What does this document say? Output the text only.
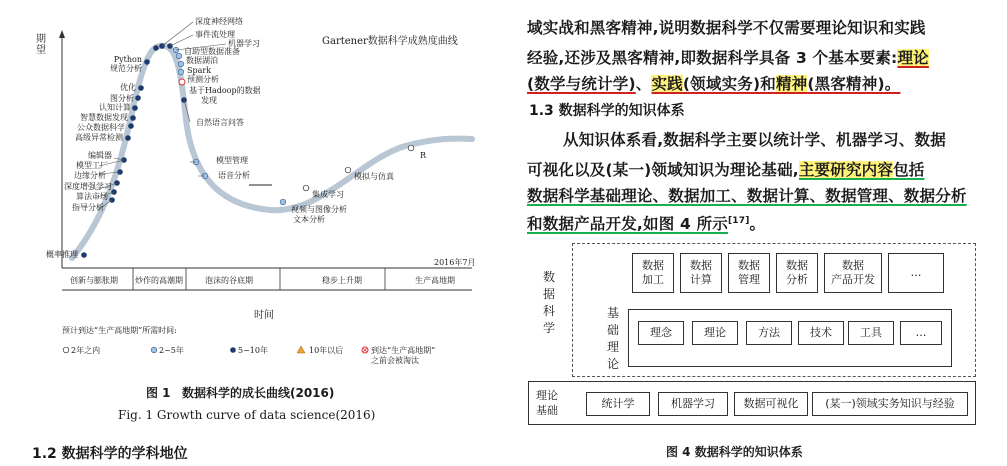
期望
时间
Gartener数据科学成熟度曲线
2016年7月
创新与膨胀期 炒作的高潮期	泡沫的谷底期	稳步上升期	生产高地期
深度神经网络
事件流处理
机器学习
自助型数据准备
数据湖泊
Spark
预测分析
基于Hadoop的数据
发现
自然语言问答
Python
规范分析
优化
图分析
认知计算
智慧数据发现
公众数据科学
高级异常检测
编辑器
模型工厂
边缘分析
深度增强学习
算法市场
指导分析
概率推理
模型管理
语音分析
集成学习
视频与图像分析
文本分析
模拟与仿真
R
预计到达“生产高地期”所需时间:
2年之内	2~5年	5~10年	10年以后	到达“生产高地期”
之前会被淘汰
图 1 数据科学的成长曲线(2016)
Fig. 1 Growth curve of data science(2016)
1.2 数据科学的学科地位
域实战和黑客精神,说明数据科学不仅需要理论知识和实践
经验,还涉及黑客精神,即数据科学具备 3 个基本要素:理论
(数学与统计学)、实践(领域实务)和精神(黑客精神)。
1.3 数据科学的知识体系
从知识体系看,数据科学主要以统计学、机器学习、数据
可视化以及(某一)领域知识为理论基础,主要研究内容包括
数据科学基础理论、数据加工、数据计算、数据管理、数据分析
和数据产品开发,如图 4 所示[17]。
数
据
科
学
数据
加工
数据
计算
数据
管理
数据
分析
数据
产品开发
…
基
础
理
论
理念	理论	方法	技术	工具	…
理论
基础
统计学	机器学习	数据可视化	(某一)领域实务知识与经验
图 4 数据科学的知识体系
